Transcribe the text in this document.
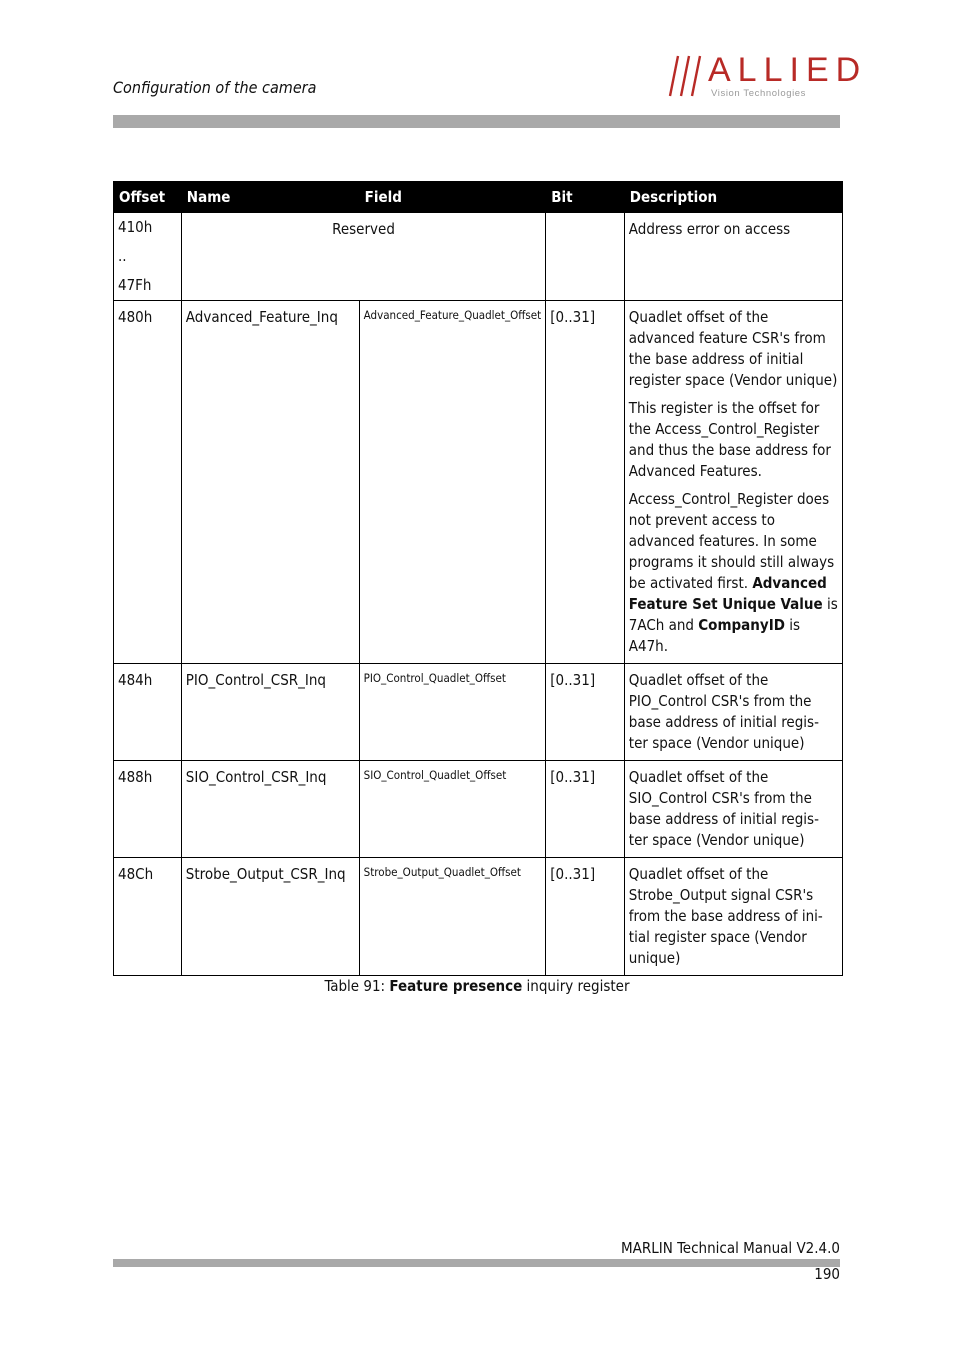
Configuration of the camera	ALLIED
Vision Technologies
Offset	Name	Field	Bit	Description

410h
..
47Fh	Reserved			Address error on access
480h	Advanced_Feature_Inq	Advanced_Feature_Quadlet_Offset	[0..31]	Quadlet offset of the advanced feature CSR's from the base address of initial register space (Vendor unique)

This register is the offset for the Access_Control_Register and thus the base address for Advanced Features.

Access_Control_Register does not prevent access to advanced features. In some programs it should still always be activated first. Advanced Feature Set Unique Value is 7ACh and CompanyID is A47h.

484h	PIO_Control_CSR_Inq	PIO_Control_Quadlet_Offset	[0..31]	Quadlet offset of the PIO_Control CSR's from the base address of initial regis-ter space (Vendor unique)
488h	SIO_Control_CSR_Inq	SIO_Control_Quadlet_Offset	[0..31]	Quadlet offset of the SIO_Control CSR's from the base address of initial regis-ter space (Vendor unique)
48Ch	Strobe_Output_CSR_Inq	Strobe_Output_Quadlet_Offset	[0..31]	Quadlet offset of the Strobe_Output signal CSR's from the base address of ini-tial register space (Vendor unique)
Table 91: Feature presence inquiry register
MARLIN Technical Manual V2.4.0
190
